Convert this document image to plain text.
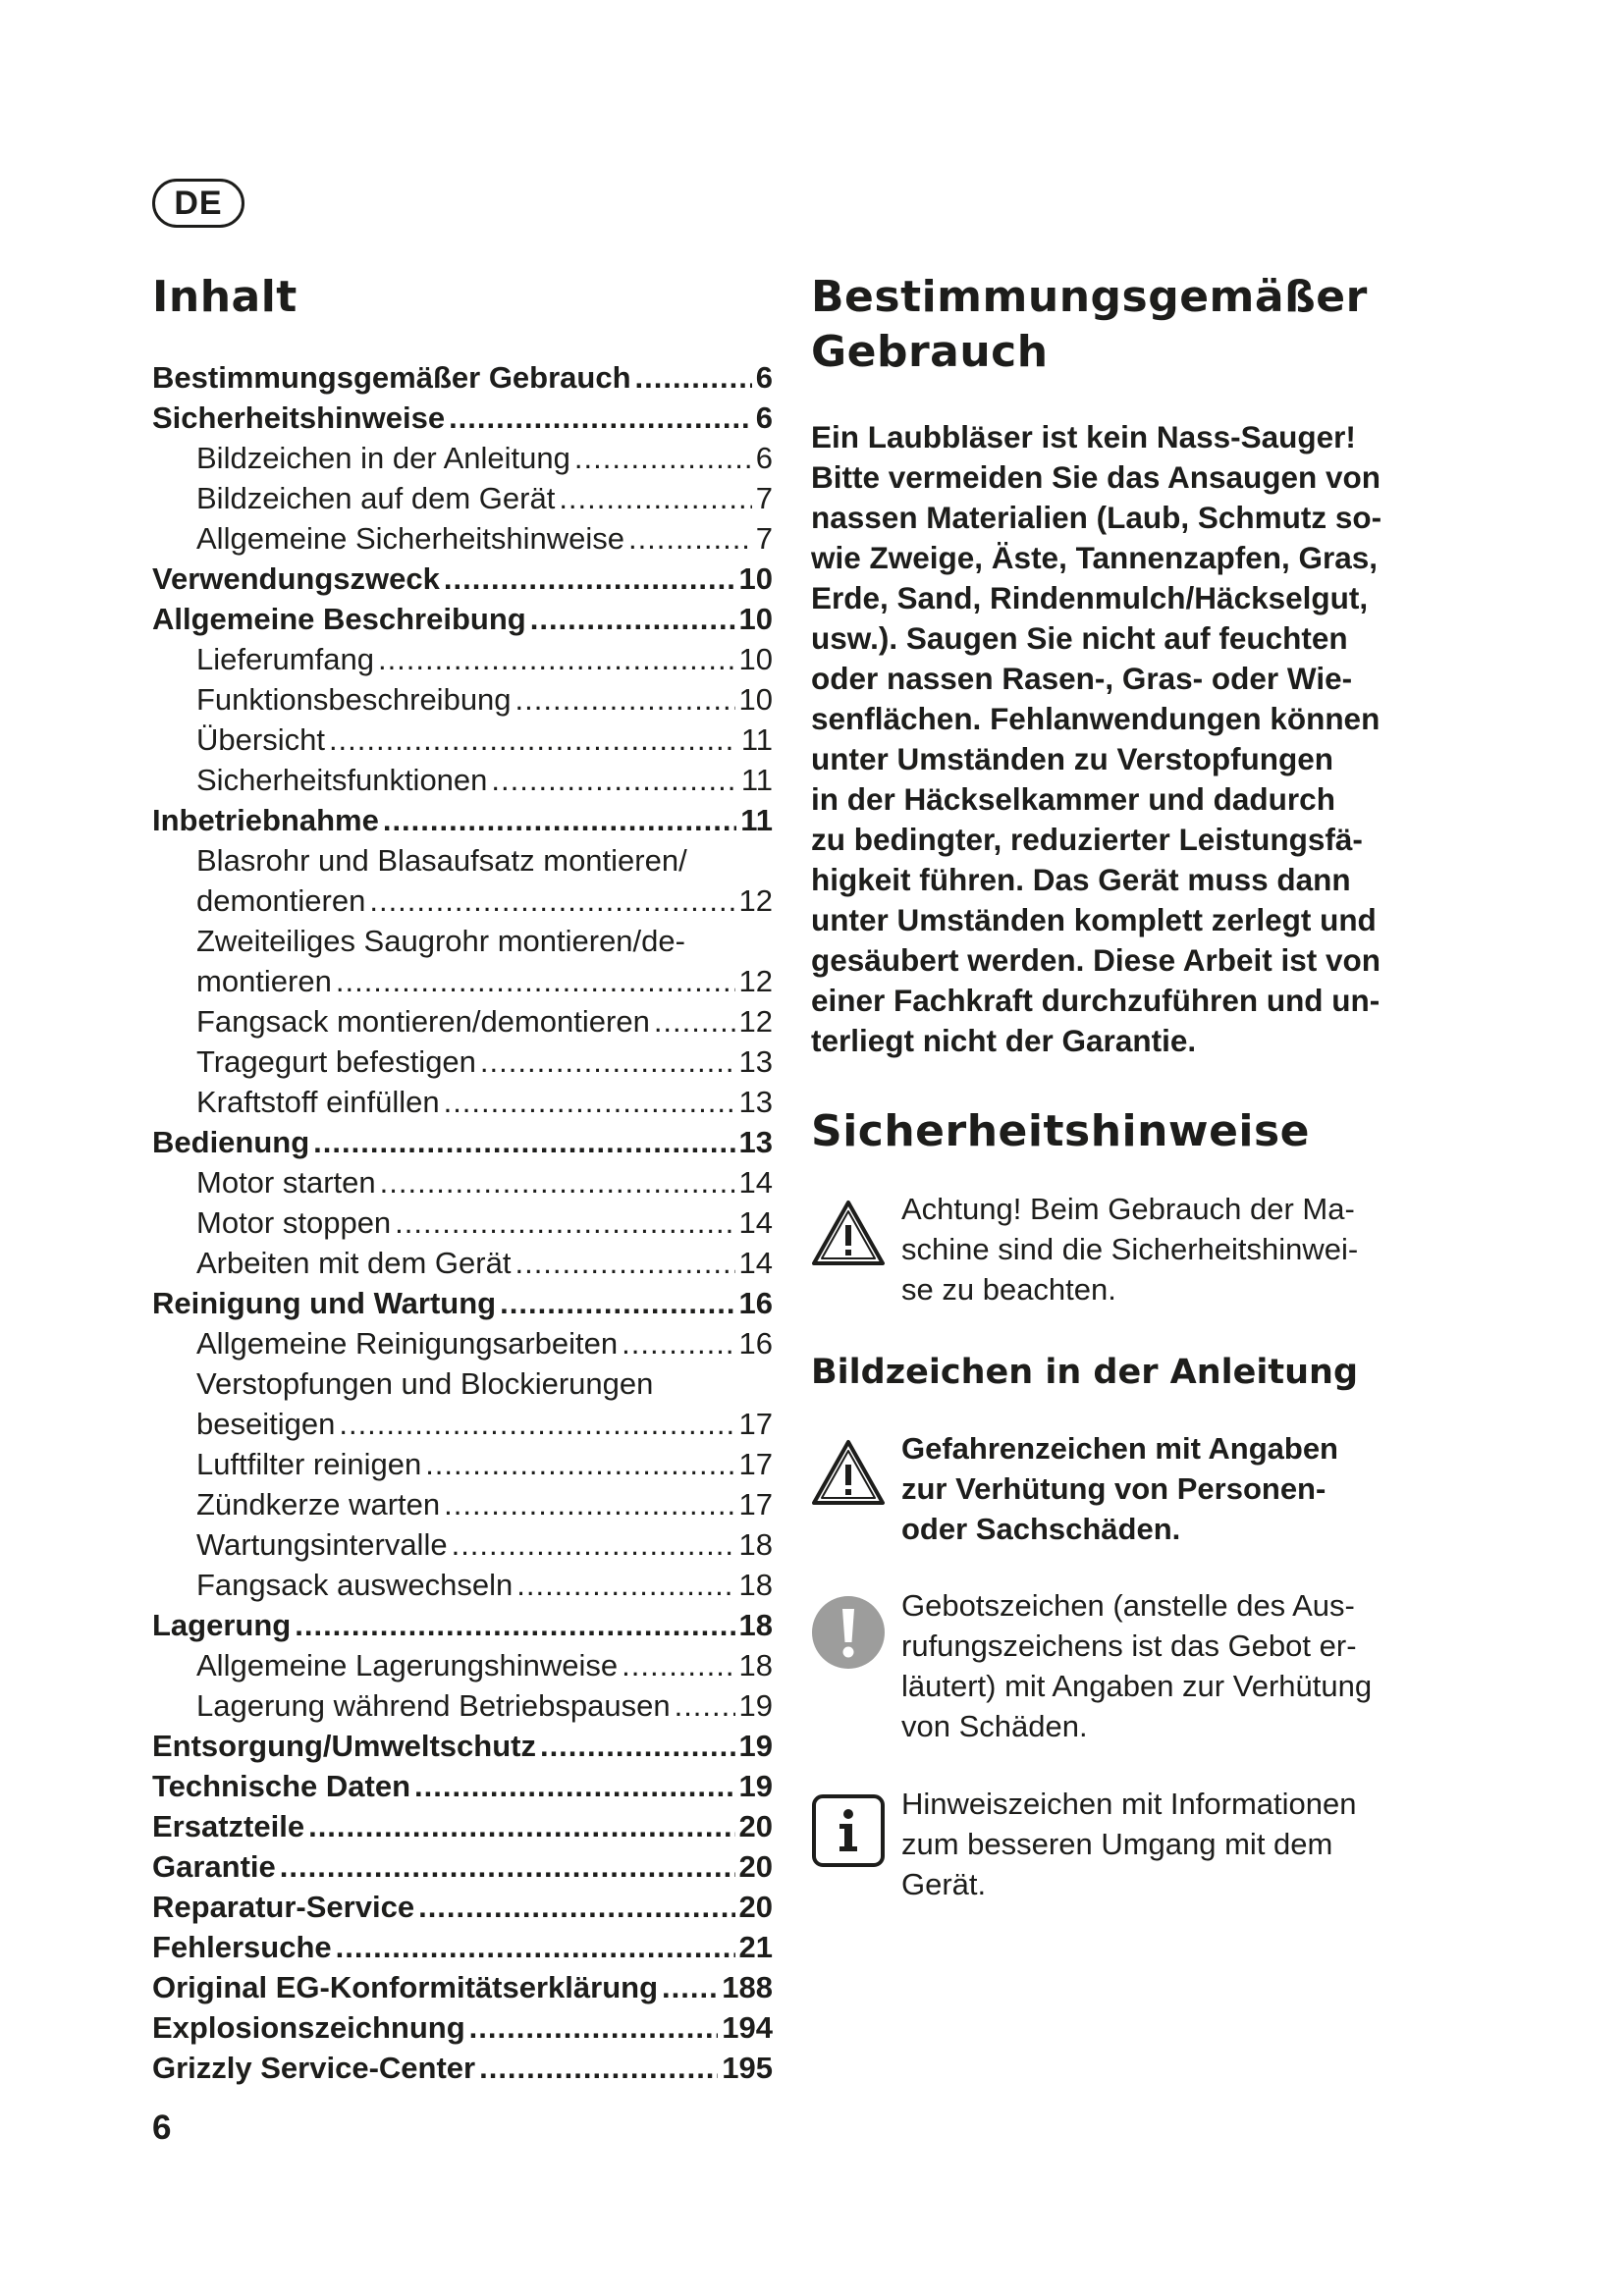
DE
Inhalt
Bestimmungsgemäßer Gebrauch .....	6
Sicherheitshinweise .....	6
Bildzeichen in der Anleitung .....	6
Bildzeichen auf dem Gerät .....	7
Allgemeine Sicherheitshinweise .....	7
Verwendungszweck .....	10
Allgemeine Beschreibung .....	10
Lieferumfang .....	10
Funktionsbeschreibung .....	10
Übersicht .....	11
Sicherheitsfunktionen .....	11
Inbetriebnahme .....	11
Blasrohr und Blasaufsatz montieren/
demontieren .....	12
Zweiteiliges Saugrohr montieren/de-
montieren .....	12
Fangsack montieren/demontieren .....	12
Tragegurt befestigen .....	13
Kraftstoff einfüllen .....	13
Bedienung .....	13
Motor starten .....	14
Motor stoppen .....	14
Arbeiten mit dem Gerät .....	14
Reinigung und Wartung .....	16
Allgemeine Reinigungsarbeiten .....	16
Verstopfungen und Blockierungen
beseitigen .....	17
Luftfilter reinigen .....	17
Zündkerze warten .....	17
Wartungsintervalle .....	18
Fangsack auswechseln .....	18
Lagerung .....	18
Allgemeine Lagerungshinweise .....	18
Lagerung während Betriebspausen ..... 19
Entsorgung/Umweltschutz .....	19
Technische Daten .....	19
Ersatzteile .....	20
Garantie .....	20
Reparatur-Service .....	20
Fehlersuche .....	21
Original EG-Konformitätserklärung ..... 188
Explosionszeichnung .....	194
Grizzly Service-Center .....	195
Bestimmungsgemäßer
Gebrauch

Ein Laubbläser ist kein Nass-Sauger!
Bitte vermeiden Sie das Ansaugen von
nassen Materialien (Laub, Schmutz so-
wie Zweige, Äste, Tannenzapfen, Gras,
Erde, Sand, Rindenmulch/Häckselgut,
usw.). Saugen Sie nicht auf feuchten
oder nassen Rasen-, Gras- oder Wie-
senflächen. Fehlanwendungen können
unter Umständen zu Verstopfungen
in der Häckselkammer und dadurch
zu bedingter, reduzierter Leistungsfä-
higkeit führen. Das Gerät muss dann
unter Umständen komplett zerlegt und
gesäubert werden. Diese Arbeit ist von
einer Fachkraft durchzuführen und un-
terliegt nicht der Garantie.

Sicherheitshinweise
Achtung! Beim Gebrauch der Ma-
schine sind die Sicherheitshinwei-
se zu beachten.
Bildzeichen in der Anleitung
Gefahrenzeichen mit Angaben
zur Verhütung von Personen-
oder Sachschäden.
Gebotszeichen (anstelle des Aus-
rufungszeichens ist das Gebot er-
läutert) mit Angaben zur Verhütung
von Schäden.
Hinweiszeichen mit Informationen
zum besseren Umgang mit dem
Gerät.
6
